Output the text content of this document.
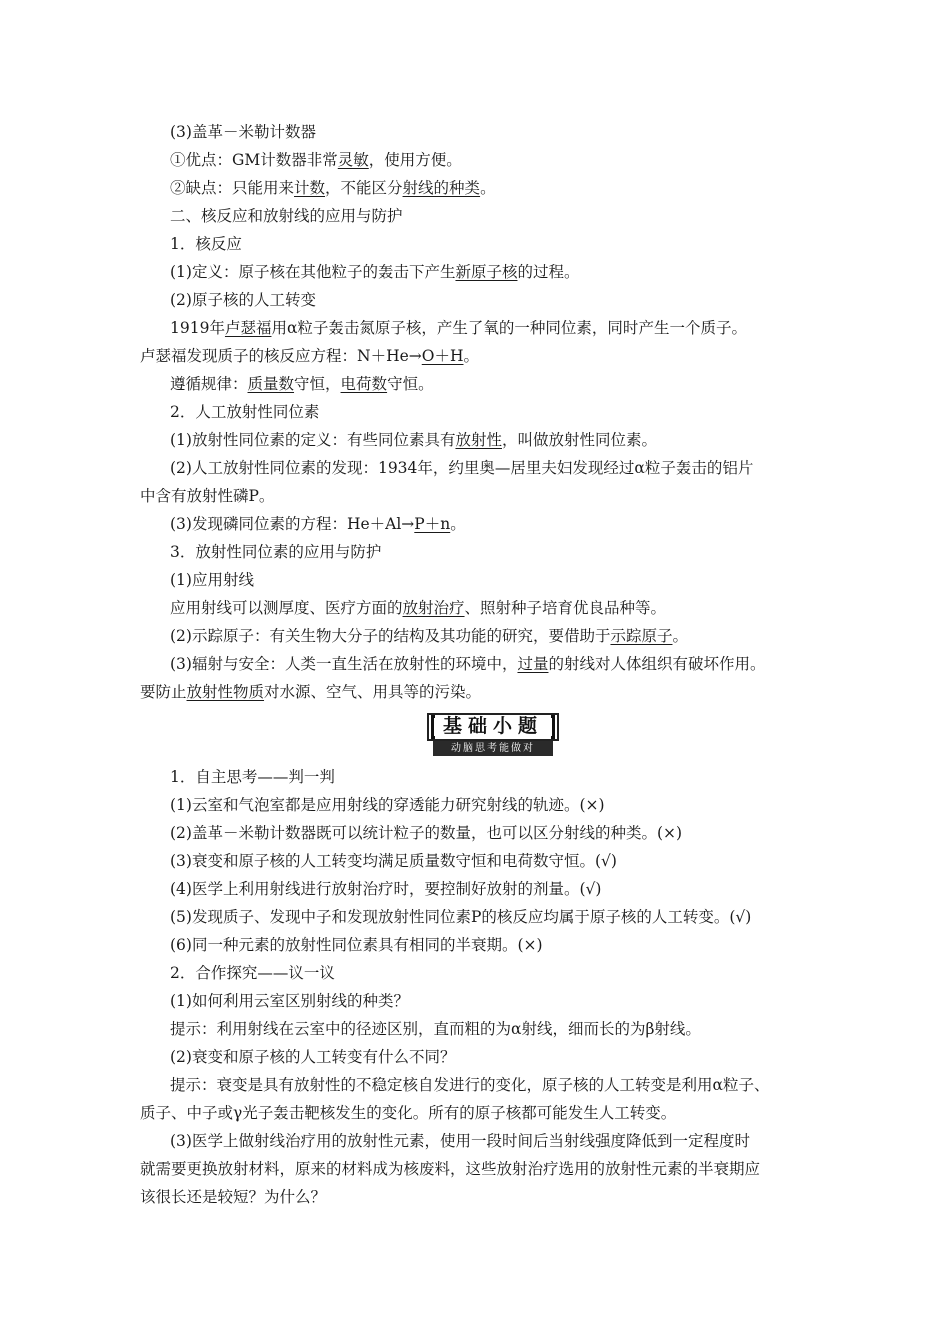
(3)盖革－米勒计数器
①优点：GM计数器非常灵敏，使用方便。
②缺点：只能用来计数，不能区分射线的种类。
二、核反应和放射线的应用与防护
1．核反应
(1)定义：原子核在其他粒子的轰击下产生新原子核的过程。
(2)原子核的人工转变
1919年卢瑟福用α粒子轰击氮原子核，产生了氧的一种同位素，同时产生一个质子。
卢瑟福发现质子的核反应方程：N＋He→O＋H。
遵循规律：质量数守恒，电荷数守恒。
2．人工放射性同位素
(1)放射性同位素的定义：有些同位素具有放射性，叫做放射性同位素。
(2)人工放射性同位素的发现：1934年，约里奥—居里夫妇发现经过α粒子轰击的铝片
中含有放射性磷P。
(3)发现磷同位素的方程：He＋Al→P＋n。
3．放射性同位素的应用与防护
(1)应用射线
应用射线可以测厚度、医疗方面的放射治疗、照射种子培育优良品种等。
(2)示踪原子：有关生物大分子的结构及其功能的研究，要借助于示踪原子。
(3)辐射与安全：人类一直生活在放射性的环境中，过量的射线对人体组织有破坏作用。
要防止放射性物质对水源、空气、用具等的污染。
基础小题
动脑思考能做对
1．自主思考——判一判
(1)云室和气泡室都是应用射线的穿透能力研究射线的轨迹。(×)
(2)盖革－米勒计数器既可以统计粒子的数量，也可以区分射线的种类。(×)
(3)衰变和原子核的人工转变均满足质量数守恒和电荷数守恒。(√)
(4)医学上利用射线进行放射治疗时，要控制好放射的剂量。(√)
(5)发现质子、发现中子和发现放射性同位素P的核反应均属于原子核的人工转变。(√)
(6)同一种元素的放射性同位素具有相同的半衰期。(×)
2．合作探究——议一议
(1)如何利用云室区别射线的种类？
提示：利用射线在云室中的径迹区别，直而粗的为α射线，细而长的为β射线。
(2)衰变和原子核的人工转变有什么不同？
提示：衰变是具有放射性的不稳定核自发进行的变化，原子核的人工转变是利用α粒子、
质子、中子或γ光子轰击靶核发生的变化。所有的原子核都可能发生人工转变。
(3)医学上做射线治疗用的放射性元素，使用一段时间后当射线强度降低到一定程度时
就需要更换放射材料，原来的材料成为核废料，这些放射治疗选用的放射性元素的半衰期应
该很长还是较短？为什么？
